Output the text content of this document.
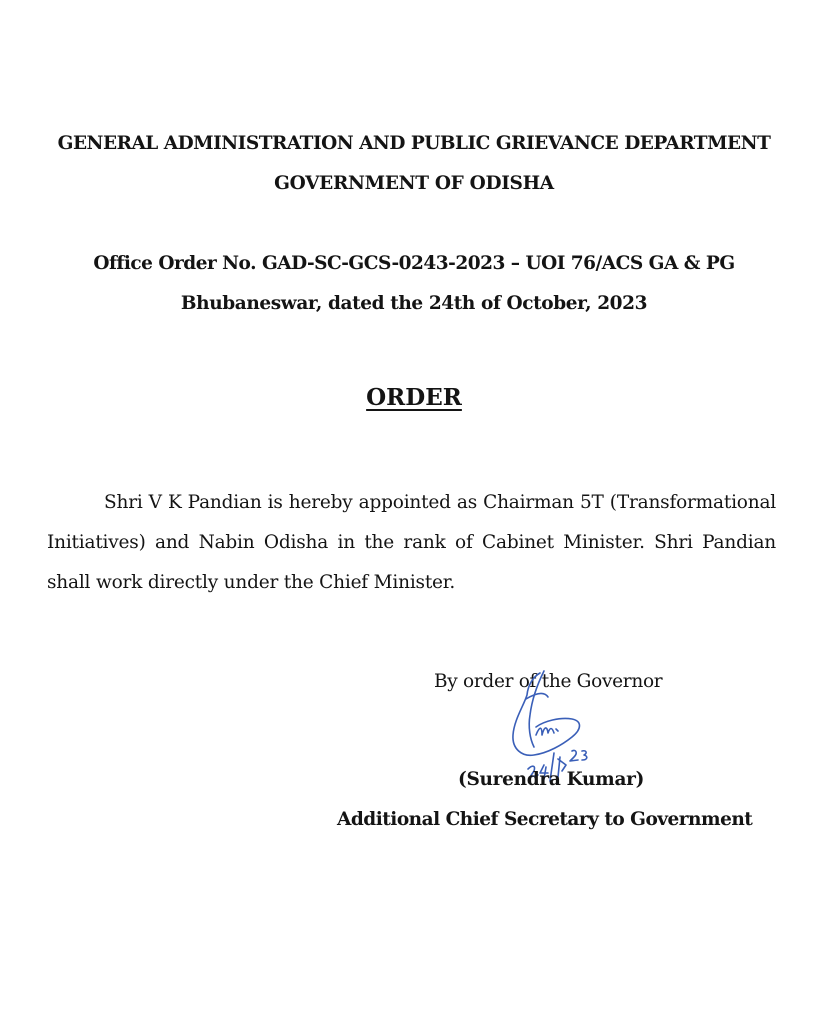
GENERAL ADMINISTRATION AND PUBLIC GRIEVANCE DEPARTMENT
GOVERNMENT OF ODISHA
Office Order No. GAD-SC-GCS-0243-2023 – UOI 76/ACS GA & PG
Bhubaneswar, dated the 24th of October, 2023
ORDER
Shri V K Pandian is hereby appointed as Chairman 5T (Transformational Initiatives) and Nabin Odisha in the rank of Cabinet Minister. Shri Pandian shall work directly under the Chief Minister.
By order of the Governor
(Surendra Kumar)
Additional Chief Secretary to Government
